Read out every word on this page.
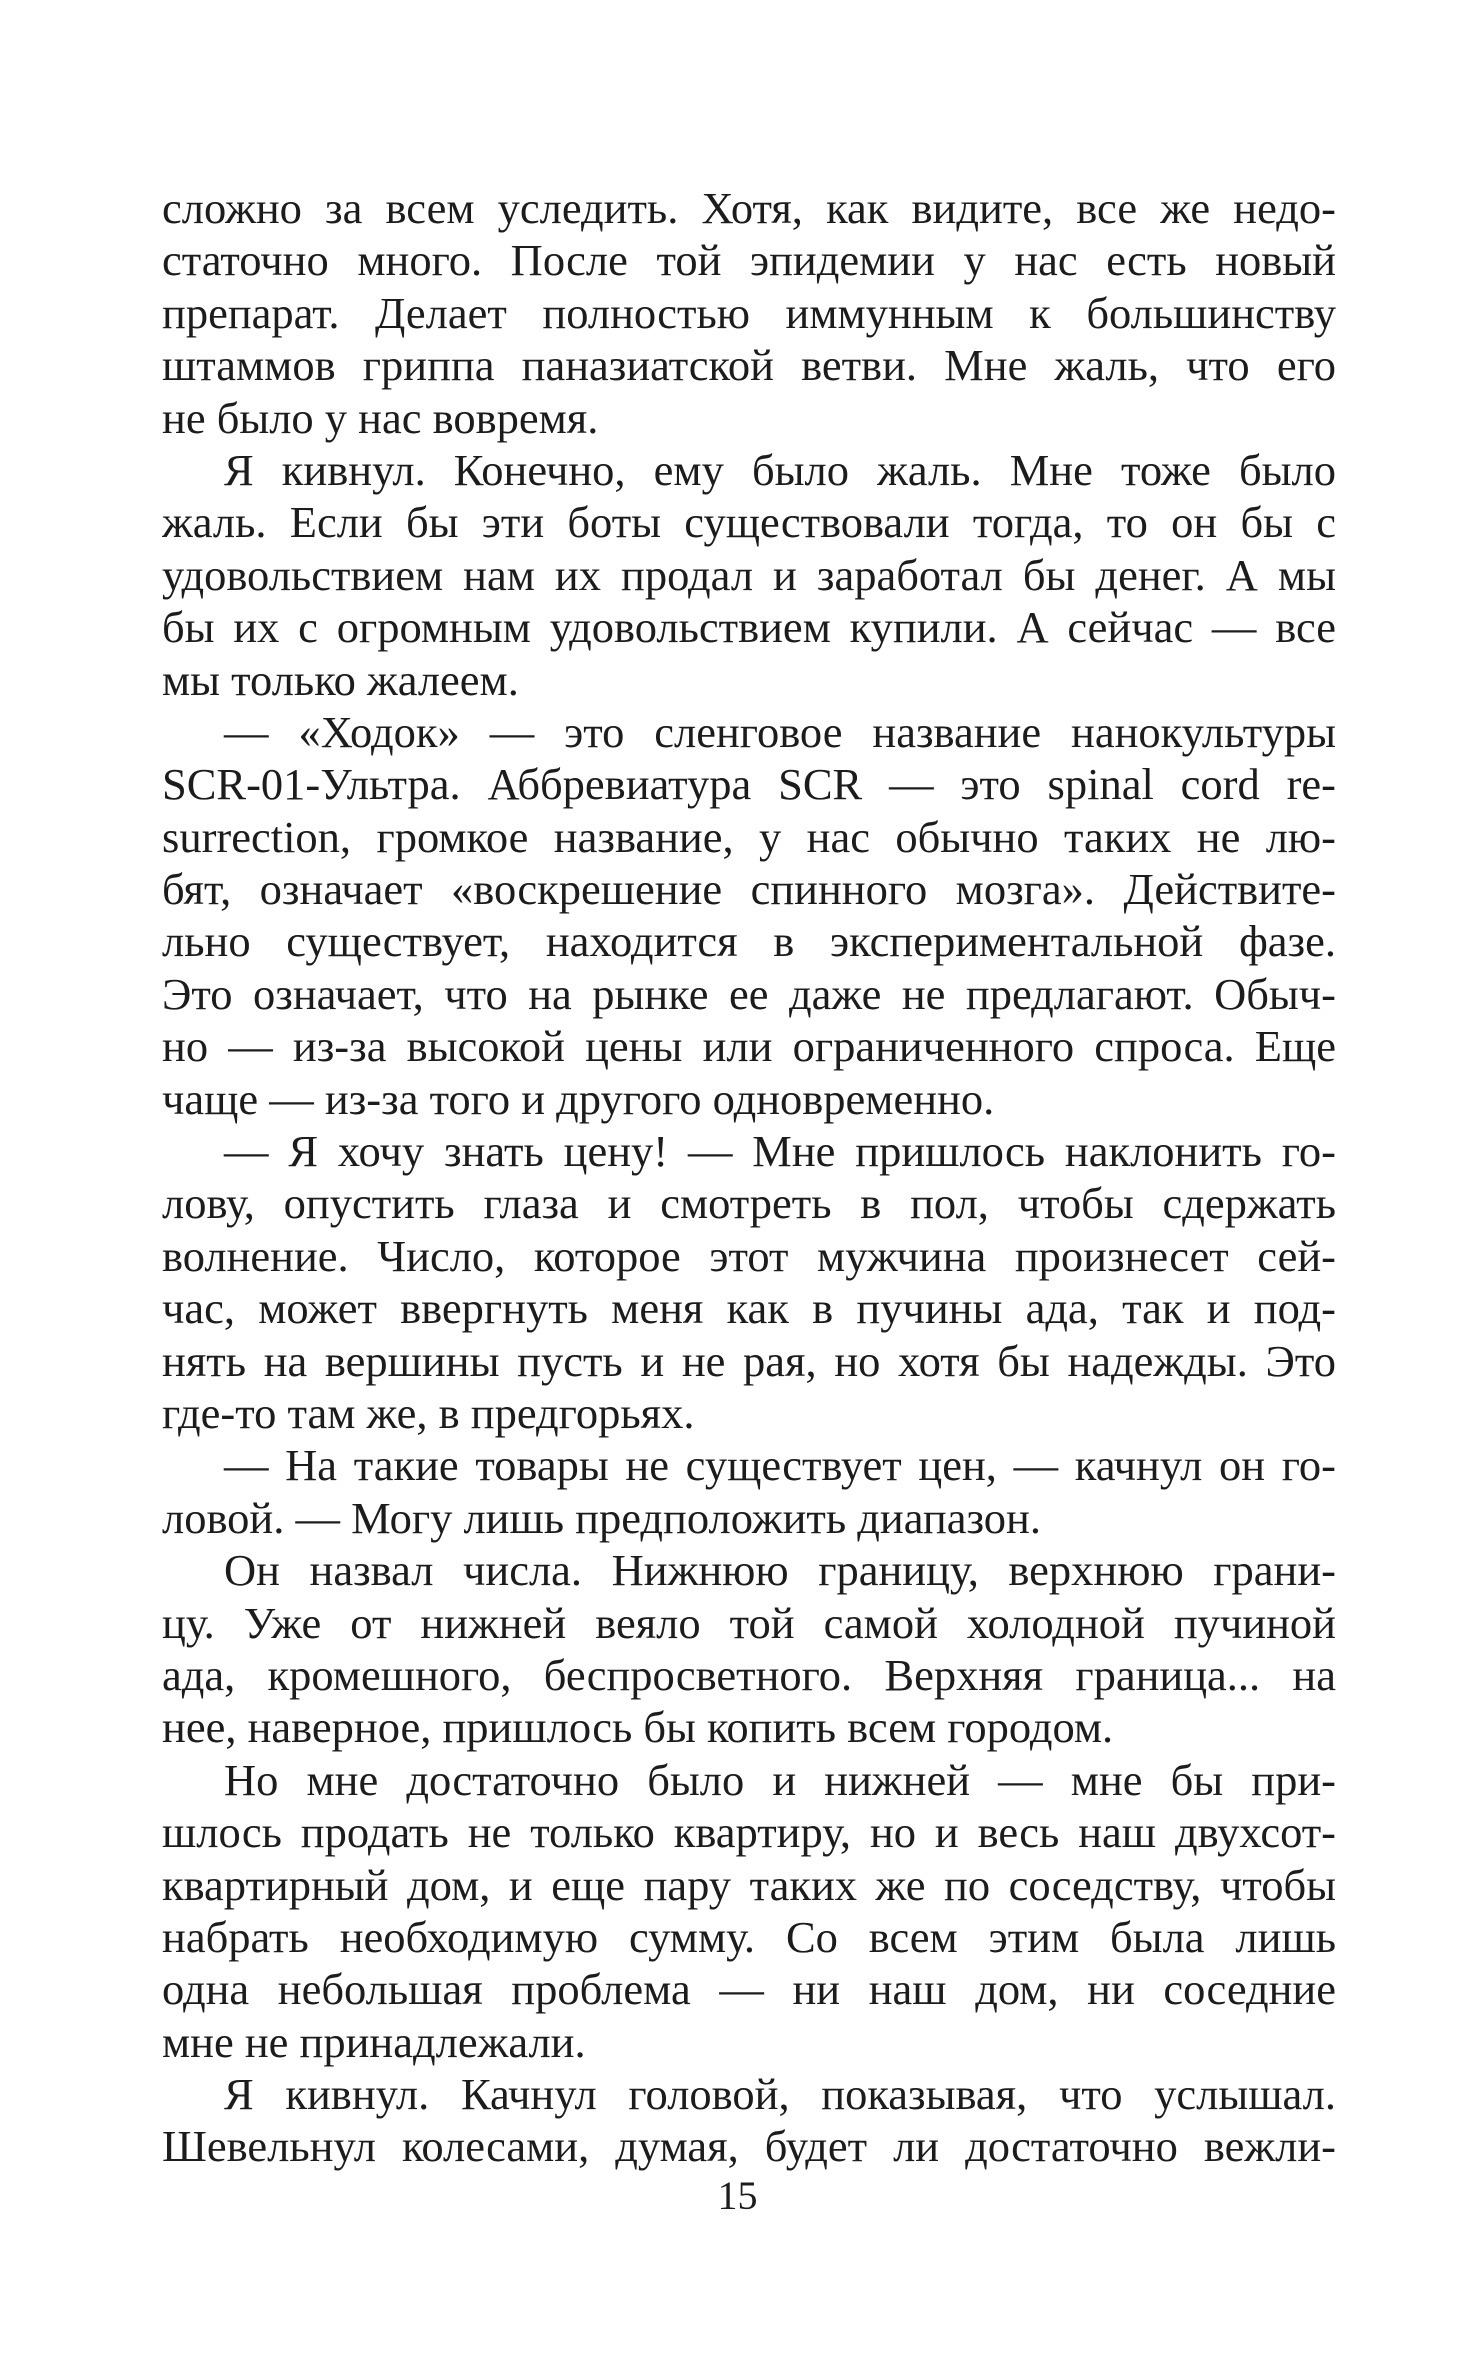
сложно за всем уследить. Хотя, как видите, все же недо-
статочно много. После той эпидемии у нас есть новый
препарат. Делает полностью иммунным к большинству
штаммов гриппа паназиатской ветви. Мне жаль, что его
не было у нас вовремя.
Я кивнул. Конечно, ему было жаль. Мне тоже было
жаль. Если бы эти боты существовали тогда, то он бы с
удовольствием нам их продал и заработал бы денег. А мы
бы их с огромным удовольствием купили. А сейчас — все
мы только жалеем.
— «Ходок» — это сленговое название нанокультуры
SCR-01-Ультра. Аббревиатура SCR — это spinal cord re-
surrection, громкое название, у нас обычно таких не лю-
бят, означает «воскрешение спинного мозга». Действите-
льно существует, находится в экспериментальной фазе.
Это означает, что на рынке ее даже не предлагают. Обыч-
но — из-за высокой цены или ограниченного спроса. Еще
чаще — из-за того и другого одновременно.
— Я хочу знать цену! — Мне пришлось наклонить го-
лову, опустить глаза и смотреть в пол, чтобы сдержать
волнение. Число, которое этот мужчина произнесет сей-
час, может ввергнуть меня как в пучины ада, так и под-
нять на вершины пусть и не рая, но хотя бы надежды. Это
где-то там же, в предгорьях.
— На такие товары не существует цен, — качнул он го-
ловой. — Могу лишь предположить диапазон.
Он назвал числа. Нижнюю границу, верхнюю грани-
цу. Уже от нижней веяло той самой холодной пучиной
ада, кромешного, беспросветного. Верхняя граница... на
нее, наверное, пришлось бы копить всем городом.
Но мне достаточно было и нижней — мне бы при-
шлось продать не только квартиру, но и весь наш двухсот-
квартирный дом, и еще пару таких же по соседству, чтобы
набрать необходимую сумму. Со всем этим была лишь
одна небольшая проблема — ни наш дом, ни соседние
мне не принадлежали.
Я кивнул. Качнул головой, показывая, что услышал.
Шевельнул колесами, думая, будет ли достаточно вежли-
15
